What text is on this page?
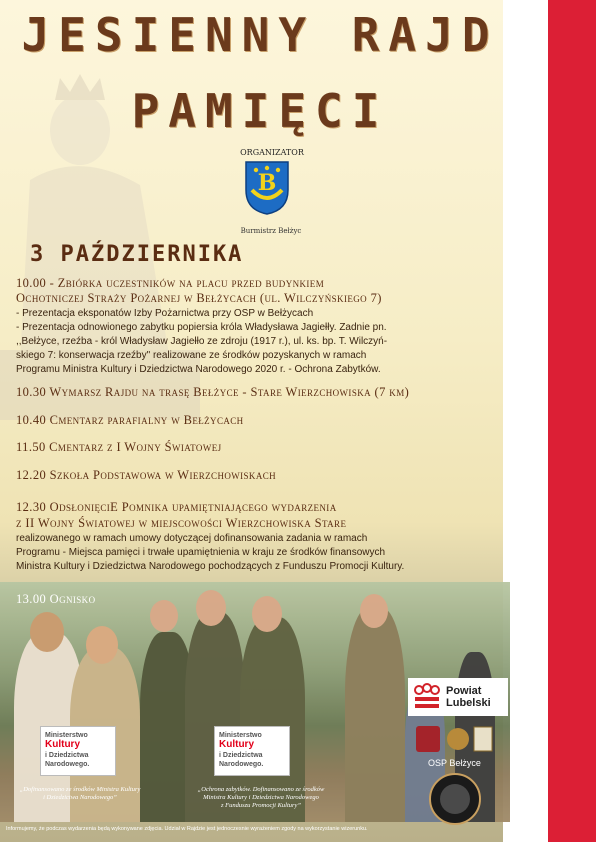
JESIENNY RAJD
PAMIĘCI
ORGANIZATOR
B
Burmistrz Bełżyc
3 PAŹDZIERNIKA
10.00 - Zbiórka uczestników na placu przed budynkiem
Ochotniczej Straży Pożarnej w Bełżycach (ul. Wilczyńskiego 7)
- Prezentacja eksponatów Izby Pożarnictwa przy OSP w Bełżycach
- Prezentacja odnowionego zabytku popiersia króla Władysława Jagiełły. Zadnie pn.
,,Bełżyce, rzeźba - król Władysław Jagiełło ze zdroju (1917 r.), ul. ks. bp. T. Wilczyń-
skiego 7: konserwacja rzeźby" realizowane ze środków pozyskanych w ramach
Programu Ministra Kultury i Dziedzictwa Narodowego 2020 r. - Ochrona Zabytków.
10.30 Wymarsz Rajdu na trasę Bełżyce - Stare Wierzchowiska (7 km)
10.40 Cmentarz parafialny w Bełżycach
11.50 Cmentarz z I Wojny Światowej
12.20 Szkoła Podstawowa w Wierzchowiskach
12.30 OdsłonięciE Pomnika upamiętniającego wydarzenia
z II Wojny Światowej w miejscowości Wierzchowiska Stare
realizowanego w ramach umowy dotyczącej dofinansowania zadania w ramach
Programu - Miejsca pamięci i trwałe upamiętnienia w kraju ze środków finansowych
Ministra Kultury i Dziedzictwa Narodowego pochodzących z Funduszu Promocji Kultury.
13.00 Ognisko
Ministerstwo
Kultury
i Dziedzictwa
Narodowego.
Ministerstwo
Kultury
i Dziedzictwa
Narodowego.
Powiat
Lubelski
OSP Bełżyce
„Dofinansowano ze środków Ministra Kultury
i Dziedzictwa Narodowego”
„Ochrona zabytków. Dofinansowano ze środków
Ministra Kultury i Dziedzictwa Narodowego
z Funduszu Promocji Kultury”
Informujemy, że podczas wydarzenia będą wykonywane zdjęcia. Udział w Rajdzie jest jednoczesnie wyrażeniem zgody na wykorzystanie wizerunku.
